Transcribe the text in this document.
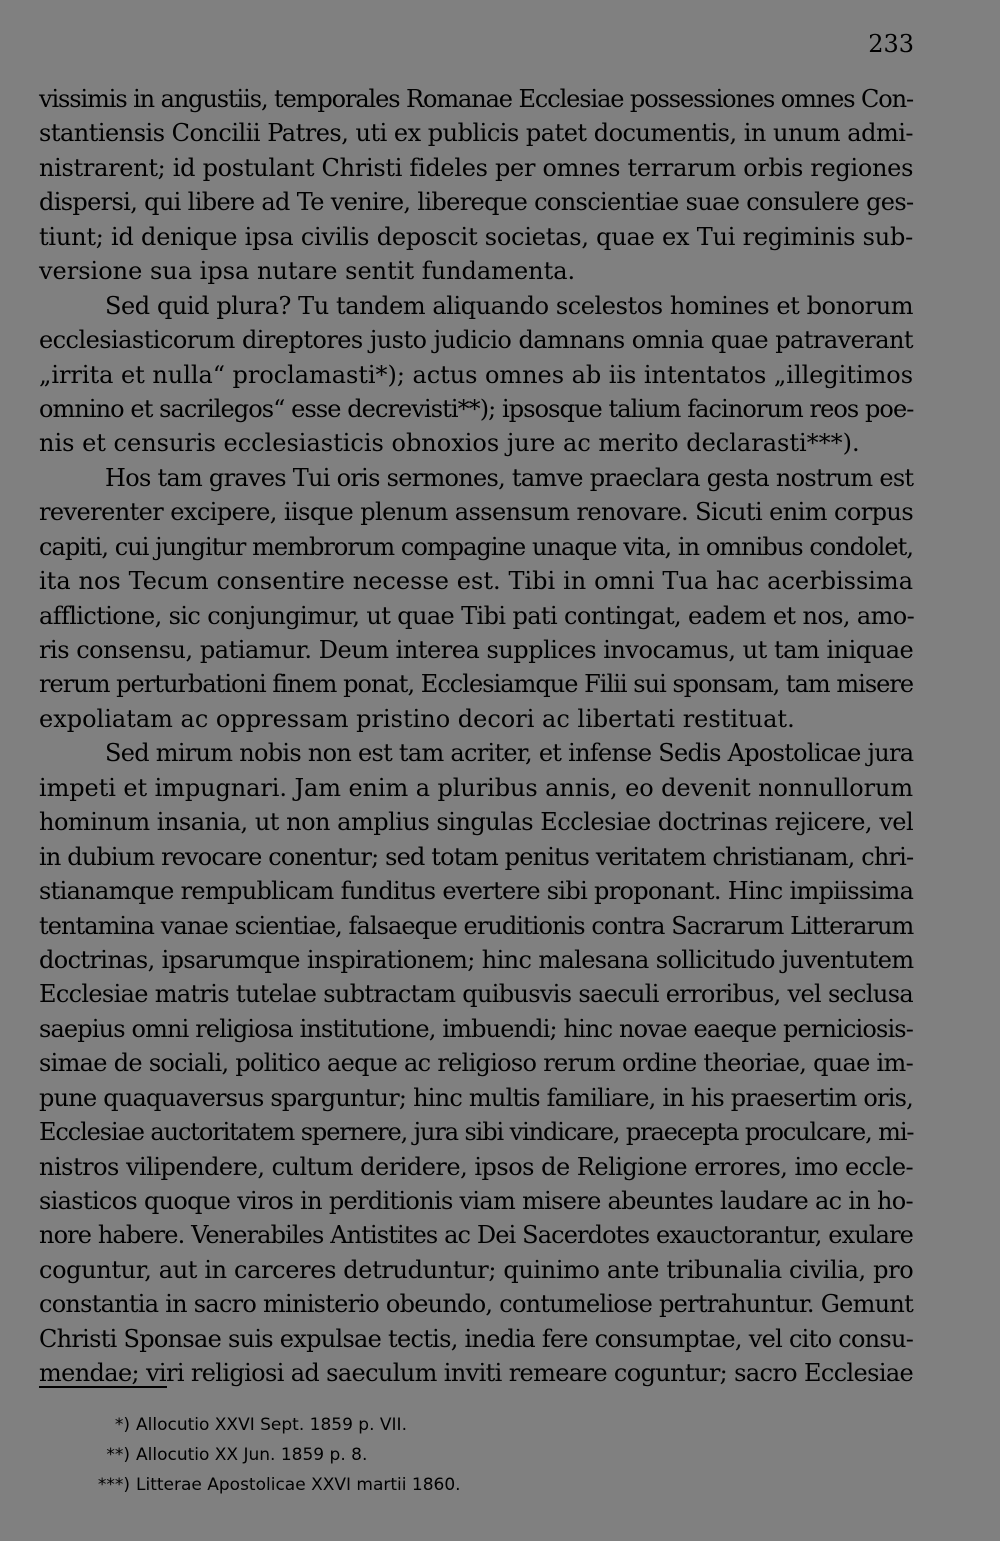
233
vissimis in angustiis, temporales Romanae Ecclesiae possessiones omnes Con-
stantiensis Concilii Patres, uti ex publicis patet documentis, in unum admi-
nistrarent; id postulant Christi fideles per omnes terrarum orbis regiones
dispersi, qui libere ad Te venire, libereque conscientiae suae consulere ges-
tiunt; id denique ipsa civilis deposcit societas, quae ex Tui regiminis sub-
versione sua ipsa nutare sentit fundamenta.
Sed quid plura? Tu tandem aliquando scelestos homines et bonorum
ecclesiasticorum direptores justo judicio damnans omnia quae patraverant
„irrita et nulla“ proclamasti*); actus omnes ab iis intentatos „illegitimos
omnino et sacrilegos“ esse decrevisti**); ipsosque talium facinorum reos poe-
nis et censuris ecclesiasticis obnoxios jure ac merito declarasti***).
Hos tam graves Tui oris sermones, tamve praeclara gesta nostrum est
reverenter excipere, iisque plenum assensum renovare. Sicuti enim corpus
capiti, cui jungitur membrorum compagine unaque vita, in omnibus condolet,
ita nos Tecum consentire necesse est. Tibi in omni Tua hac acerbissima
afflictione, sic conjungimur, ut quae Tibi pati contingat, eadem et nos, amo-
ris consensu, patiamur. Deum interea supplices invocamus, ut tam iniquae
rerum perturbationi finem ponat, Ecclesiamque Filii sui sponsam, tam misere
expoliatam ac oppressam pristino decori ac libertati restituat.
Sed mirum nobis non est tam acriter, et infense Sedis Apostolicae jura
impeti et impugnari. Jam enim a pluribus annis, eo devenit nonnullorum
hominum insania, ut non amplius singulas Ecclesiae doctrinas rejicere, vel
in dubium revocare conentur; sed totam penitus veritatem christianam, chri-
stianamque rempublicam funditus evertere sibi proponant. Hinc impiissima
tentamina vanae scientiae, falsaeque eruditionis contra Sacrarum Litterarum
doctrinas, ipsarumque inspirationem; hinc malesana sollicitudo juventutem
Ecclesiae matris tutelae subtractam quibusvis saeculi erroribus, vel seclusa
saepius omni religiosa institutione, imbuendi; hinc novae eaeque perniciosis-
simae de sociali, politico aeque ac religioso rerum ordine theoriae, quae im-
pune quaquaversus sparguntur; hinc multis familiare, in his praesertim oris,
Ecclesiae auctoritatem spernere, jura sibi vindicare, praecepta proculcare, mi-
nistros vilipendere, cultum deridere, ipsos de Religione errores, imo eccle-
siasticos quoque viros in perditionis viam misere abeuntes laudare ac in ho-
nore habere. Venerabiles Antistites ac Dei Sacerdotes exauctorantur, exulare
coguntur, aut in carceres detruduntur; quinimo ante tribunalia civilia, pro
constantia in sacro ministerio obeundo, contumeliose pertrahuntur. Gemunt
Christi Sponsae suis expulsae tectis, inedia fere consumptae, vel cito consu-
mendae; viri religiosi ad saeculum inviti remeare coguntur; sacro Ecclesiae
*) Allocutio XXVI Sept. 1859 p. VII.
**) Allocutio XX Jun. 1859 p. 8.
***) Litterae Apostolicae XXVI martii 1860.
